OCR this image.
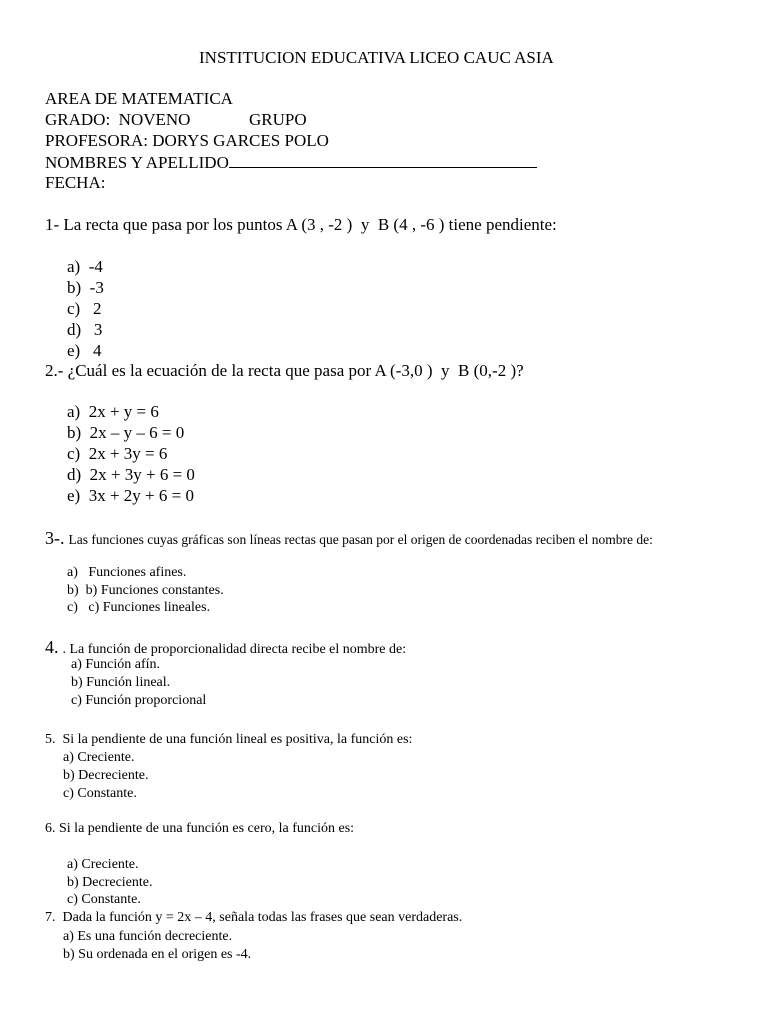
INSTITUCION EDUCATIVA LICEO CAUC ASIA
AREA DE MATEMATICA
GRADO:  NOVENO	GRUPO
PROFESORA: DORYS GARCES POLO
NOMBRES Y APELLIDO
FECHA:
1- La recta que pasa por los puntos A (3 , -2 )  y  B (4 , -6 ) tiene pendiente:
a) -4
b) -3
c)   2
d)   3
e)   4
2.- ¿Cuál es la ecuación de la recta que pasa por A (-3,0 )  y  B (0,-2 )?
a) 2x + y = 6
b) 2x – y – 6 = 0
c) 2x + 3y = 6
d) 2x + 3y + 6 = 0
e) 3x + 2y + 6 = 0
3-. Las funciones cuyas gráficas son líneas rectas que pasan por el origen de coordenadas reciben el nombre de:
a) Funciones afines.
b) b) Funciones constantes.
c)   c) Funciones lineales.
4. . La función de proporcionalidad directa recibe el nombre de:
a) Función afín.
b) Función lineal.
c) Función proporcional
5. Si la pendiente de una función lineal es positiva, la función es:
a) Creciente.
b) Decreciente.
c) Constante.
6. Si la pendiente de una función es cero, la función es:
a) Creciente.
b) Decreciente.
c) Constante.
7. Dada la función y = 2x – 4, señala todas las frases que sean verdaderas.
a) Es una función decreciente.
b) Su ordenada en el origen es -4.
